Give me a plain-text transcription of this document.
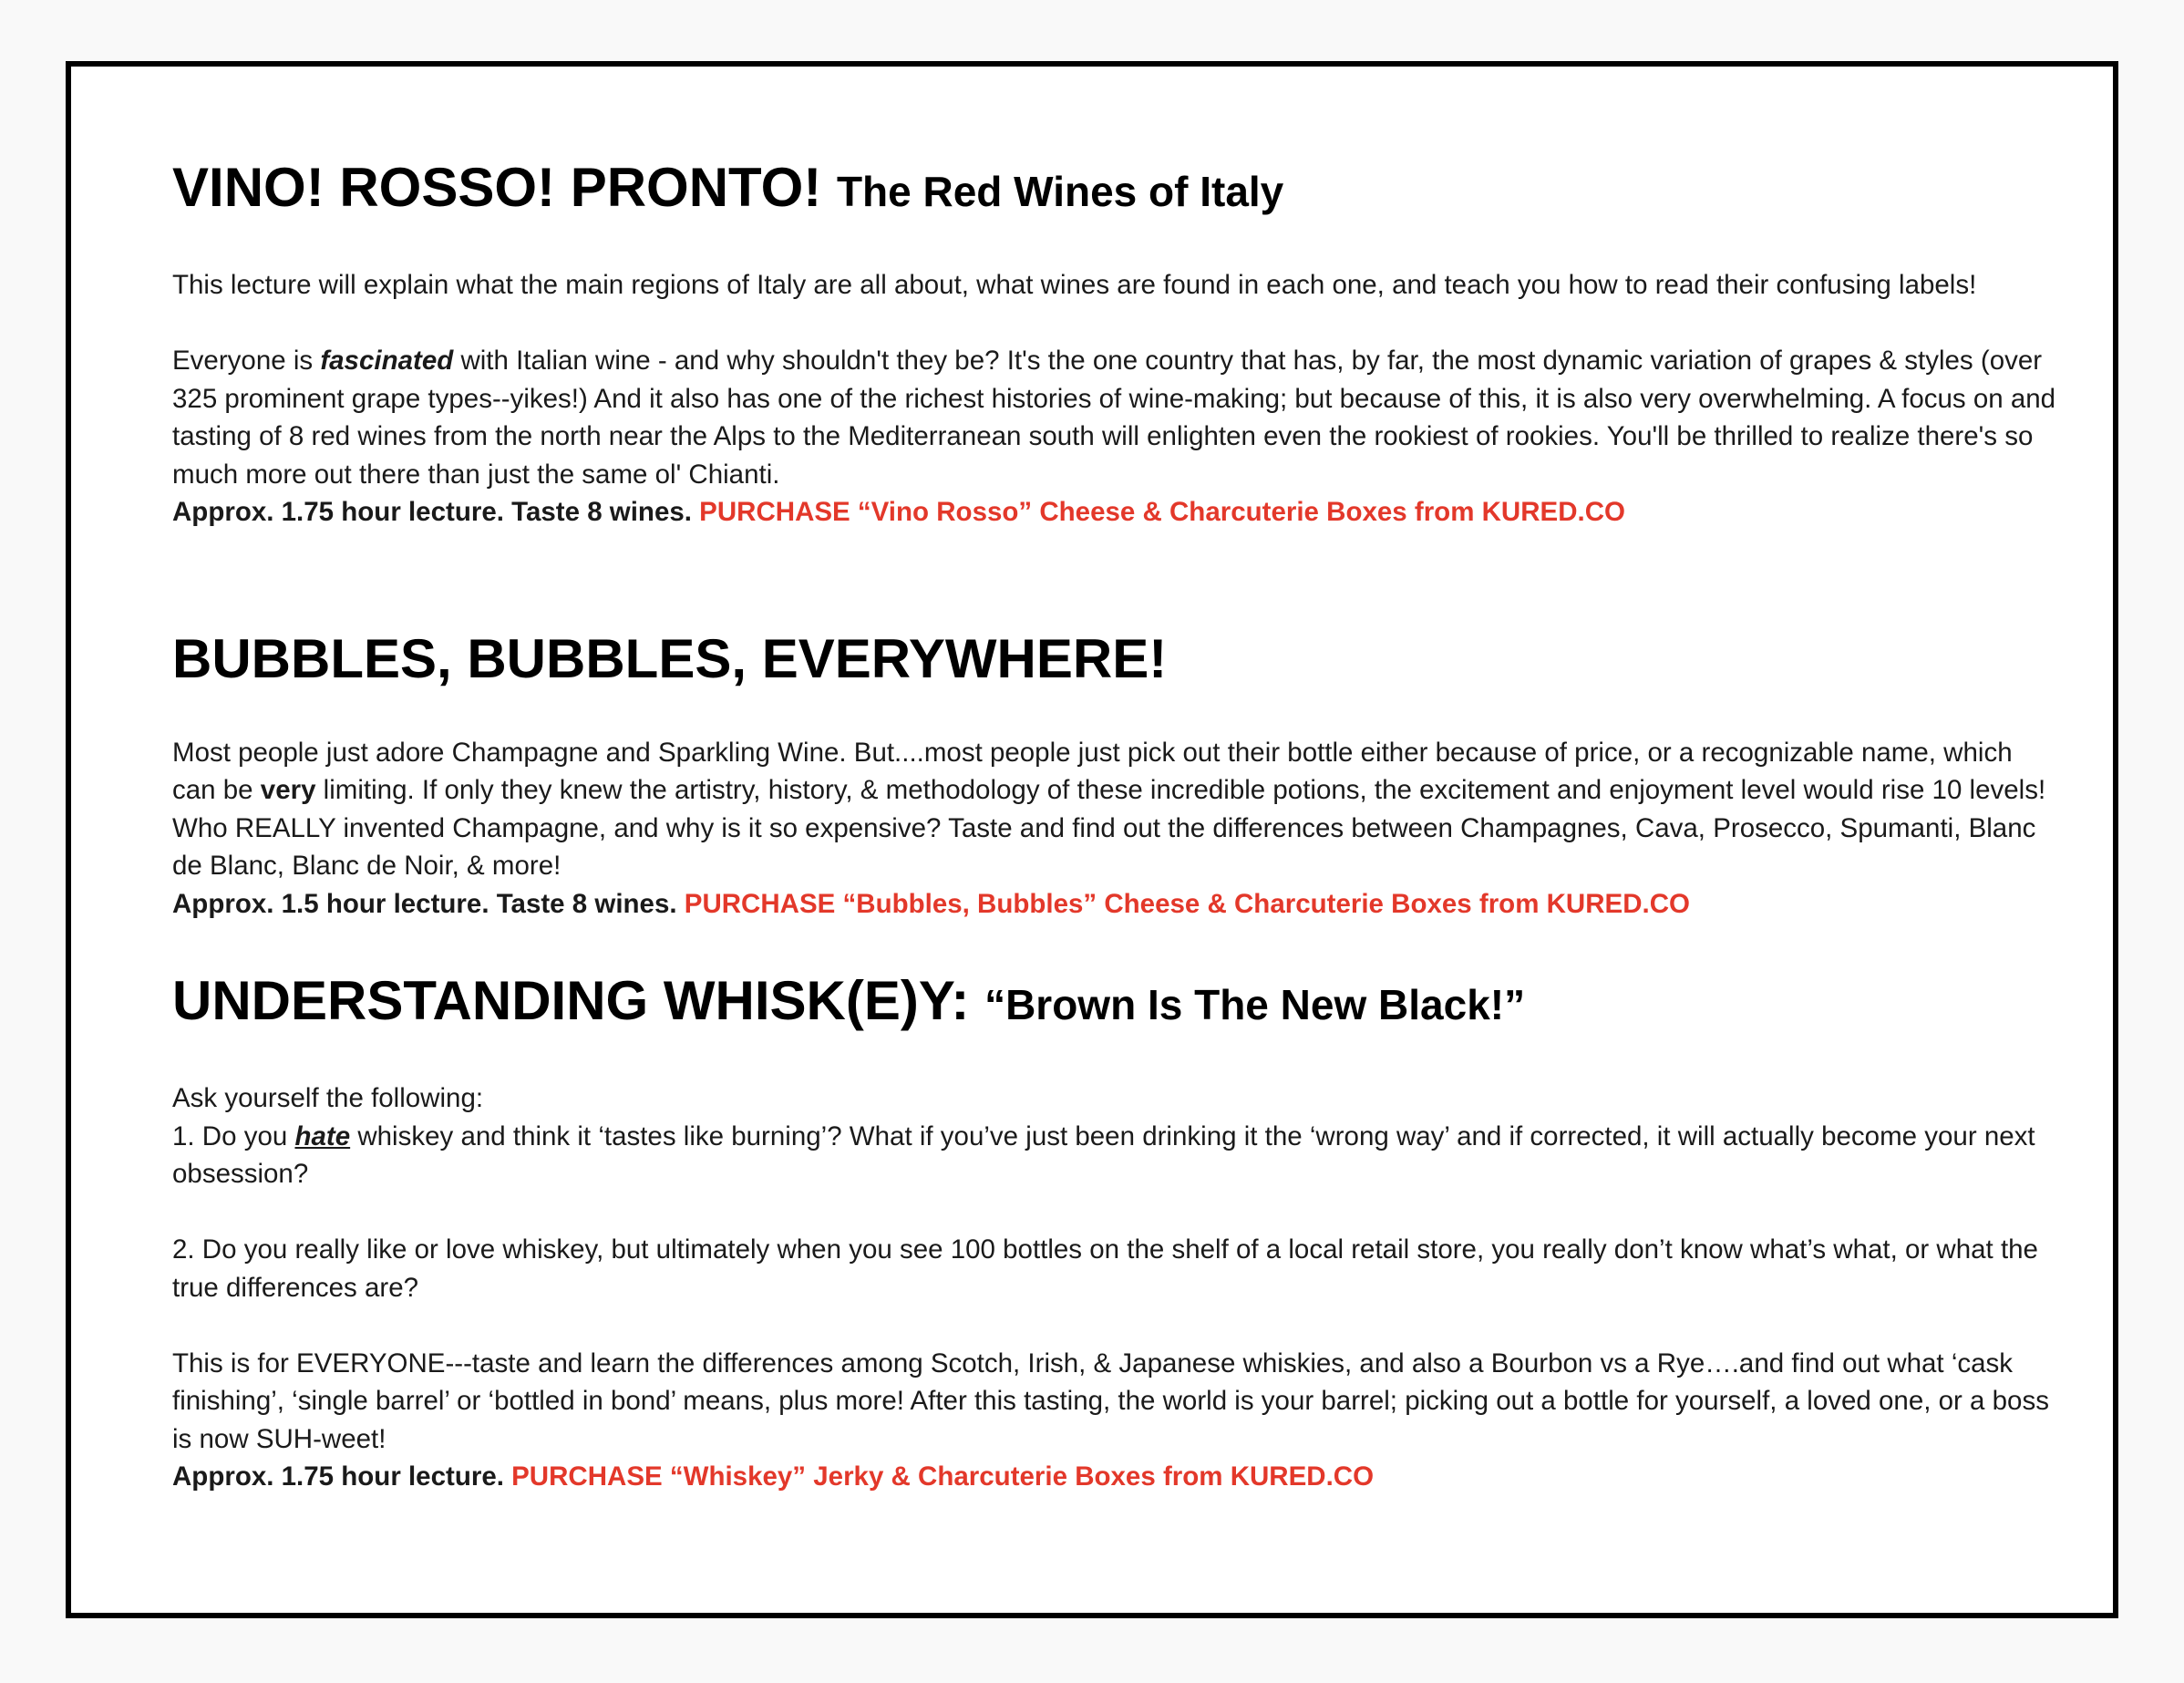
VINO! ROSSO! PRONTO! The Red Wines of Italy

This lecture will explain what the main regions of Italy are all about, what wines are found in each one, and teach you how to read their confusing labels!

Everyone is fascinated with Italian wine - and why shouldn't they be? It's the one country that has, by far, the most dynamic variation of grapes & styles (over 325 prominent grape types--yikes!) And it also has one of the richest histories of wine-making; but because of this, it is also very overwhelming. A focus on and tasting of 8 red wines from the north near the Alps to the Mediterranean south will enlighten even the rookiest of rookies. You'll be thrilled to realize there's so much more out there than just the same ol' Chianti.

Approx. 1.75 hour lecture. Taste 8 wines. PURCHASE “Vino Rosso” Cheese & Charcuterie Boxes from KURED.CO

BUBBLES, BUBBLES, EVERYWHERE!

Most people just adore Champagne and Sparkling Wine. But....most people just pick out their bottle either because of price, or a recognizable name, which can be very limiting. If only they knew the artistry, history, & methodology of these incredible potions, the excitement and enjoyment level would rise 10 levels! Who REALLY invented Champagne, and why is it so expensive? Taste and find out the differences between Champagnes, Cava, Prosecco, Spumanti, Blanc de Blanc, Blanc de Noir, & more!

Approx. 1.5 hour lecture. Taste 8 wines. PURCHASE “Bubbles, Bubbles” Cheese & Charcuterie Boxes from KURED.CO

UNDERSTANDING WHISK(E)Y: “Brown Is The New Black!”

Ask yourself the following:

1. Do you hate whiskey and think it ‘tastes like burning’? What if you’ve just been drinking it the ‘wrong way’ and if corrected, it will actually become your next obsession?

2. Do you really like or love whiskey, but ultimately when you see 100 bottles on the shelf of a local retail store, you really don’t know what’s what, or what the true differences are?

This is for EVERYONE---taste and learn the differences among Scotch, Irish, & Japanese whiskies, and also a Bourbon vs a Rye….and find out what ‘cask finishing’, ‘single barrel’ or ‘bottled in bond’ means, plus more! After this tasting, the world is your barrel; picking out a bottle for yourself, a loved one, or a boss is now SUH-weet!

Approx. 1.75 hour lecture. PURCHASE “Whiskey” Jerky & Charcuterie Boxes from KURED.CO
